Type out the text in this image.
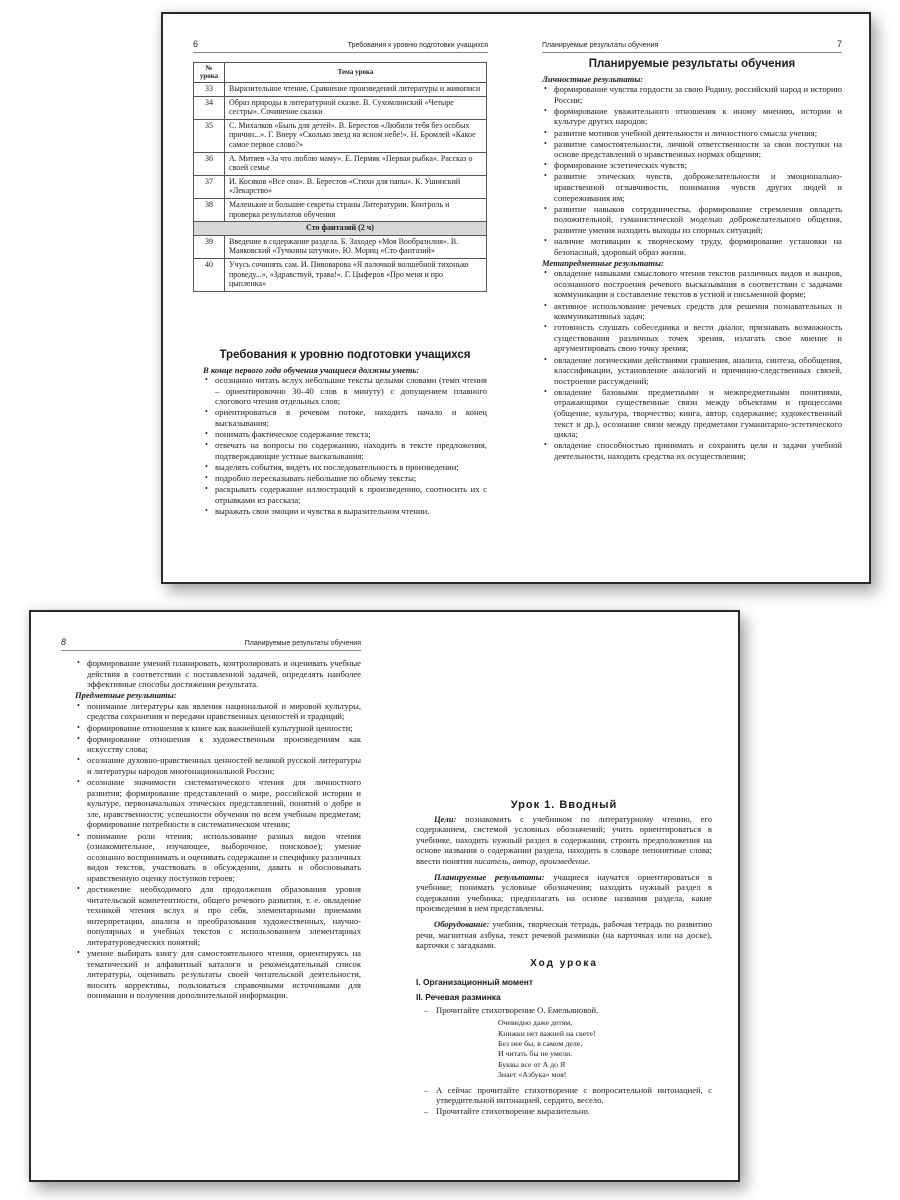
6	Требования к уровню подготовки учащихся
№ урока	Тема урока
33	Выразительное чтение. Сравнение произведений литературы и живописи
34	Образ природы в литературной сказке. В. Сухомлинский «Четыре сестры». Сочинение сказки
35	С. Михалков «Быль для детей». В. Берестов «Любили тебя без особых причин...». Г. Виеру «Сколько звезд на ясном небе!». Н. Бромлей «Какое самое первое слово?»
36	А. Митяев «За что люблю маму». Е. Пермяк «Первая рыбка». Рассказ о своей семье
37	И. Косяков «Все она». В. Берестов «Стихи для папы». К. Ушинский «Лекарство»
38	Маленькие и большие секреты страны Литературии. Контроль и проверка результатов обучения
Сто фантазий (2 ч)	
39	Введение в содержание раздела. Б. Заходер «Моя Вообразилия». В. Маяковский «Тучкины штучки». Ю. Мориц «Сто фантазий»
40	Учусь сочинять сам. И. Пивоварова «Я палочкой волшебной тихонько проведу...», «Здравствуй, трава!». Г. Цыферов «Про меня и про цыпленка»
Требования к уровню подготовки учащихся
В конце первого года обучения учащиеся должны уметь:
• осознанно читать вслух небольшие тексты целыми словами (темп чтения – ориентировочно 30–40 слов в минуту) с допущением плавного слогового чтения отдельных слов;
• ориентироваться в речевом потоке, находить начало и конец высказывания;
• понимать фактическое содержание текста;
• отвечать на вопросы по содержанию, находить в тексте предложения, подтверждающие устные высказывания;
• выделять события, видеть их последовательность в произведении;
• подробно пересказывать небольшие по объему тексты;
• раскрывать содержание иллюстраций к произведению, соотносить их с отрывками из рассказа;
• выражать свои эмоции и чувства в выразительном чтении.
Планируемые результаты обучения	7
Планируемые результаты обучения
Личностные результаты:
• формирование чувства гордости за свою Родину, российский народ и историю России;
• формирование уважительного отношения к иному мнению, истории и культуре других народов;
• развитие мотивов учебной деятельности и личностного смысла учения;
• развитие самостоятельности, личной ответственности за свои поступки на основе представлений о нравственных нормах общения;
• формирование эстетических чувств;
• развитие этических чувств, доброжелательности и эмоционально-нравственной отзывчивости, понимания чувств других людей и сопереживания им;
• развитие навыков сотрудничества, формирование стремления овладеть положительной, гуманистической моделью доброжелательного общения, развитие умения находить выходы из спорных ситуаций;
• наличие мотивации к творческому труду, формирование установки на безопасный, здоровый образ жизни.
Метапредметные результаты:
• овладение навыками смыслового чтения текстов различных видов и жанров, осознанного построения речевого высказывания в соответствии с задачами коммуникации и составление текстов в устной и письменной форме;
• активное использование речевых средств для решения познавательных и коммуникативных задач;
• готовность слушать собеседника и вести диалог, признавать возможность существования различных точек зрения, излагать свое мнение и аргументировать свою точку зрения;
• овладение логическими действиями сравнения, анализа, синтеза, обобщения, классификации, установление аналогий и причинно-следственных связей, построение рассуждений;
• овладение базовыми предметными и межпредметными понятиями, отражающими существенные связи между объектами и процессами (общение, культура, творчество; книга, автор, содержание; художественный текст и др.), осознание связи между предметами гуманитарно-эстетического цикла;
• овладение способностью принимать и сохранять цели и задачи учебной деятельности, находить средства их осуществления;
8	Планируемые результаты обучения
• формирование умений планировать, контролировать и оценивать учебные действия в соответствии с поставленной задачей, определять наиболее эффективные способы достижения результата.
Предметные результаты:
• понимание литературы как явления национальной и мировой культуры, средства сохранения и передачи нравственных ценностей и традиций;
• формирование отношения к книге как важнейшей культурной ценности;
• формирование отношения к художественным произведениям как искусству слова;
• осознание духовно-нравственных ценностей великой русской литературы и литературы народов многонациональной России;
• осознание значимости систематического чтения для личностного развития; формирование представлений о мире, российской истории и культуре, первоначальных этических представлений, понятий о добре и зле, нравственности; успешности обучения по всем учебным предметам; формирование потребности в систематическом чтении;
• понимание роли чтения; использование разных видов чтения (ознакомительное, изучающее, выборочное, поисковое); умение осознанно воспринимать и оценивать содержание и специфику различных видов текстов, участвовать в обсуждении, давать и обосновывать нравственную оценку поступков героев;
• достижение необходимого для продолжения образования уровня читательской компетентности, общего речевого развития, т. е. овладение техникой чтения вслух и про себя, элементарными приемами интерпретации, анализа и преобразования художественных, научно-популярных и учебных текстов с использованием элементарных литературоведческих понятий;
• умение выбирать книгу для самостоятельного чтения, ориентируясь на тематический и алфавитный каталоги и рекомендательный список литературы, оценивать результаты своей читательской деятельности, вносить коррективы, пользоваться справочными источниками для понимания и получения дополнительной информации.
Урок 1. Вводный

Цели: познакомить с учебником по литературному чтению, его содержанием, системой условных обозначений; учить ориентироваться в учебнике, находить нужный раздел в содержании, строить предположения на основе названия о содержании раздела, находить в словаре непонятные слова; ввести понятия писатель, автор, произведение.

Планируемые результаты: учащиеся научатся ориентироваться в учебнике; понимать условные обозначения; находить нужный раздел в содержании учебника; предполагать на основе названия раздела, какие произведения в нем представлены.

Оборудование: учебник, творческая тетрадь, рабочая тетрадь по развитию речи, магнитная азбука, текст речевой разминки (на карточках или на доске), карточки с загадками.

Ход урока
I. Организационный момент
II. Речевая разминка
– Прочитайте стихотворение О. Емельяновой.
Очевидно даже детям,
Книжки нет важней на свете!
Без нее бы, в самом деле,
И читать бы не умели.
Буквы все от А до Я
Знает «Азбука» моя!
– А сейчас прочитайте стихотворение с вопросительной интонацией, с утвердительной интонацией, сердито, весело.
– Прочитайте стихотворение выразительно.
